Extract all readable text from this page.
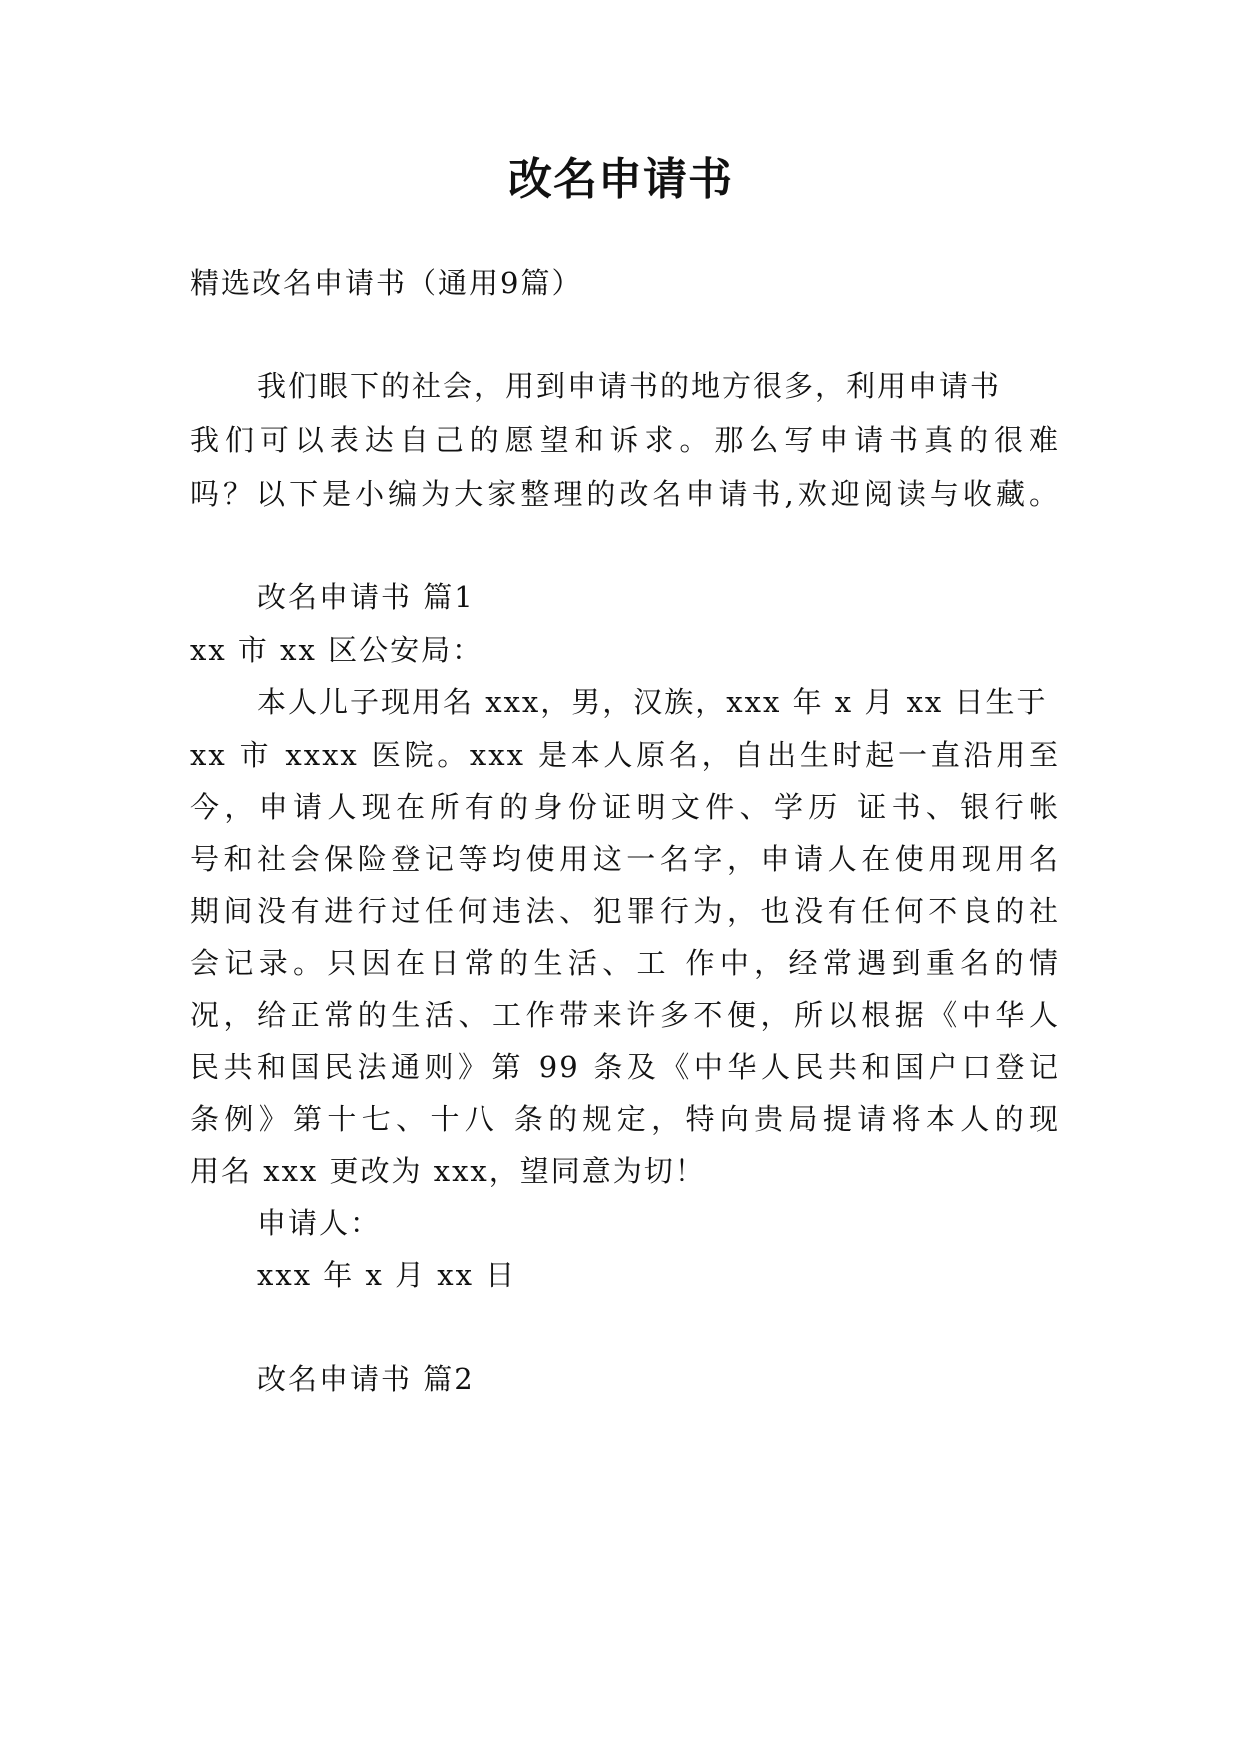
改名申请书
精选改名申请书（通用9篇）
我们眼下的社会，用到申请书的地方很多，利用申请书
我们可以表达自己的愿望和诉求。那么写申请书真的很难
吗？以下是小编为大家整理的改名申请书,欢迎阅读与收藏。
改名申请书 篇1
xx 市 xx 区公安局：
本人儿子现用名 xxx，男，汉族，xxx 年 x 月 xx 日生于
xx 市 xxxx 医院。xxx 是本人原名，自出生时起一直沿用至
今，申请人现在所有的身份证明文件、学历 证书、银行帐
号和社会保险登记等均使用这一名字，申请人在使用现用名
期间没有进行过任何违法、犯罪行为，也没有任何不良的社
会记录。只因在日常的生活、工 作中，经常遇到重名的情
况，给正常的生活、工作带来许多不便，所以根据《中华人
民共和国民法通则》第 99 条及《中华人民共和国户口登记
条例》第十七、十八 条的规定，特向贵局提请将本人的现
用名 xxx 更改为 xxx，望同意为切！
申请人：
xxx 年 x 月 xx 日
改名申请书 篇2
